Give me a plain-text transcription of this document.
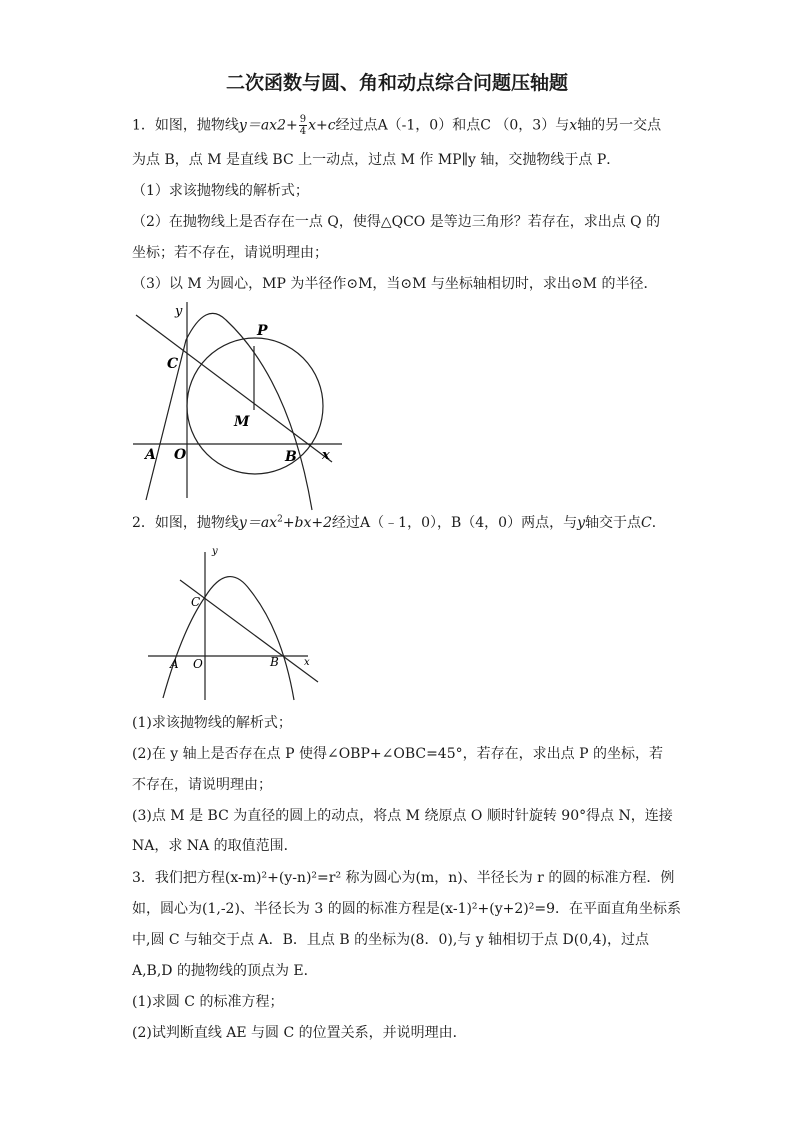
二次函数与圆、角和动点综合问题压轴题
1．如图，抛物线$y=ax2+ \frac{9}{4} x+c$经过点A（-1，0）和点C （0，3）与x轴的另一交点
为点 B，点 M 是直线 BC 上一动点，过点 M 作 MP∥y 轴，交抛物线于点 P．
（1）求该抛物线的解析式；
（2）在抛物线上是否存在一点 Q，使得△QCO 是等边三角形？若存在，求出点 Q 的
坐标；若不存在，请说明理由；
（3）以 M 为圆心，MP 为半径作⊙M，当⊙M 与坐标轴相切时，求出⊙M 的半径．
y
P
C
M
A O	B x
2．如图，抛物线$y=ax^2+bx+2$经过A（﹣1，0），B（4，0）两点，与y轴交于点C．
y
C
A O	B	x
(1)求该抛物线的解析式；
(2)在 y 轴上是否存在点 P 使得∠OBP+∠OBC=45°，若存在，求出点 P 的坐标，若
不存在，请说明理由；
(3)点 M 是 BC 为直径的圆上的动点，将点 M 绕原点 O 顺时针旋转 90°得点 N，连接
NA，求 NA 的取值范围．
3．我们把方程(x-m)²+(y-n)²=r² 称为圆心为(m，n)、半径长为 r 的圆的标准方程．例
如，圆心为(1,-2)、半径长为 3 的圆的标准方程是(x-1)²+(y+2)²=9．在平面直角坐标系
中,圆 C 与轴交于点 A．B．且点 B 的坐标为(8．0),与 y 轴相切于点 D(0,4)，过点
A,B,D 的抛物线的顶点为 E．
(1)求圆 C 的标准方程；
(2)试判断直线 AE 与圆 C 的位置关系，并说明理由．
